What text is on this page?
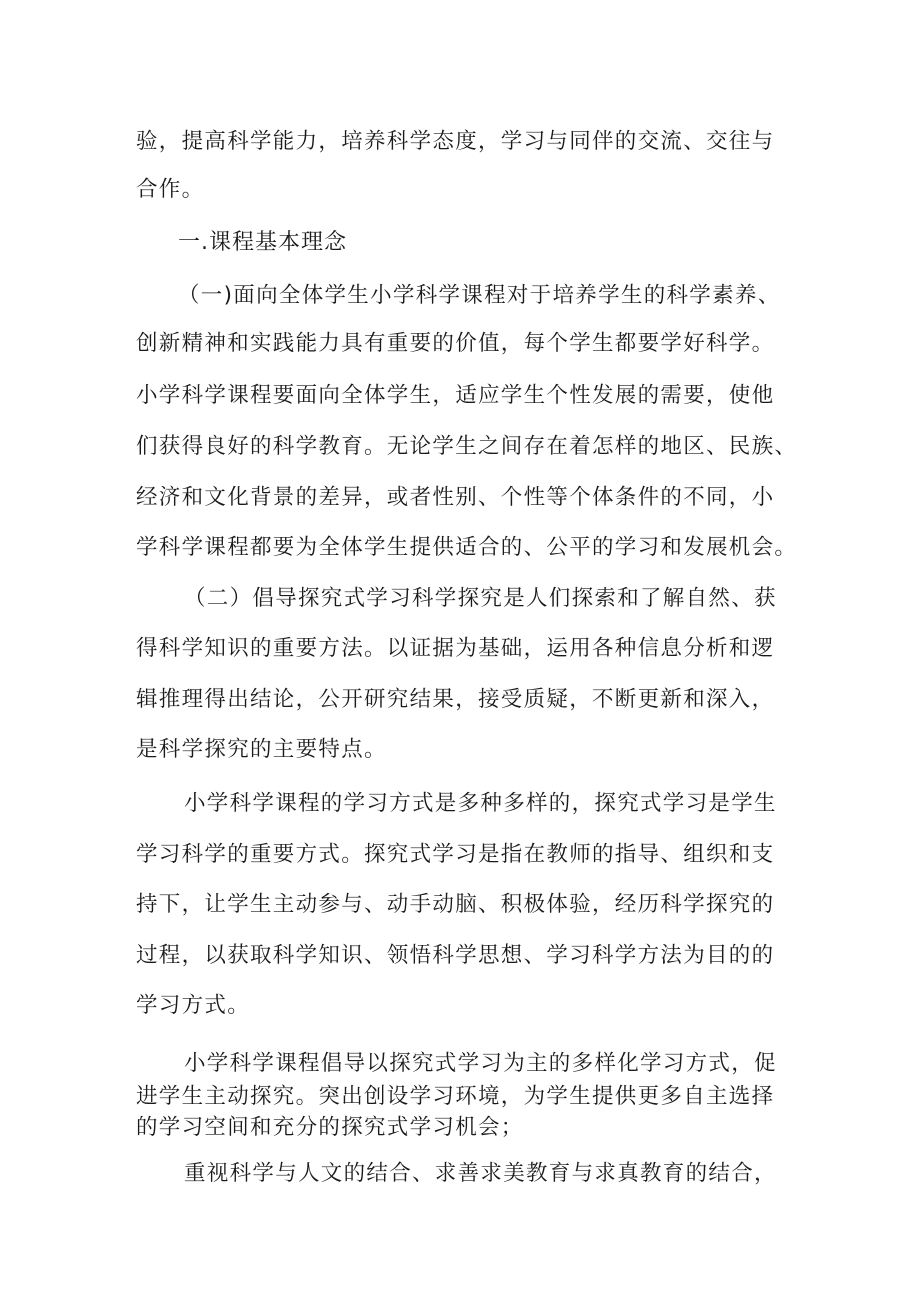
验，提高科学能力，培养科学态度，学习与同伴的交流、交往与
合作。
一.课程基本理念
（一)面向全体学生小学科学课程对于培养学生的科学素养、
创新精神和实践能力具有重要的价值，每个学生都要学好科学。
小学科学课程要面向全体学生，适应学生个性发展的需要，使他
们获得良好的科学教育。无论学生之间存在着怎样的地区、民族、
经济和文化背景的差异，或者性别、个性等个体条件的不同，小
学科学课程都要为全体学生提供适合的、公平的学习和发展机会。
（二）倡导探究式学习科学探究是人们探索和了解自然、获
得科学知识的重要方法。以证据为基础，运用各种信息分析和逻
辑推理得出结论，公开研究结果，接受质疑，不断更新和深入，
是科学探究的主要特点。
小学科学课程的学习方式是多种多样的，探究式学习是学生
学习科学的重要方式。探究式学习是指在教师的指导、组织和支
持下，让学生主动参与、动手动脑、积极体验，经历科学探究的
过程，以获取科学知识、领悟科学思想、学习科学方法为目的的
学习方式。
小学科学课程倡导以探究式学习为主的多样化学习方式，促
进学生主动探究。突出创设学习环境，为学生提供更多自主选择
的学习空间和充分的探究式学习机会；
重视科学与人文的结合、求善求美教育与求真教育的结合，
